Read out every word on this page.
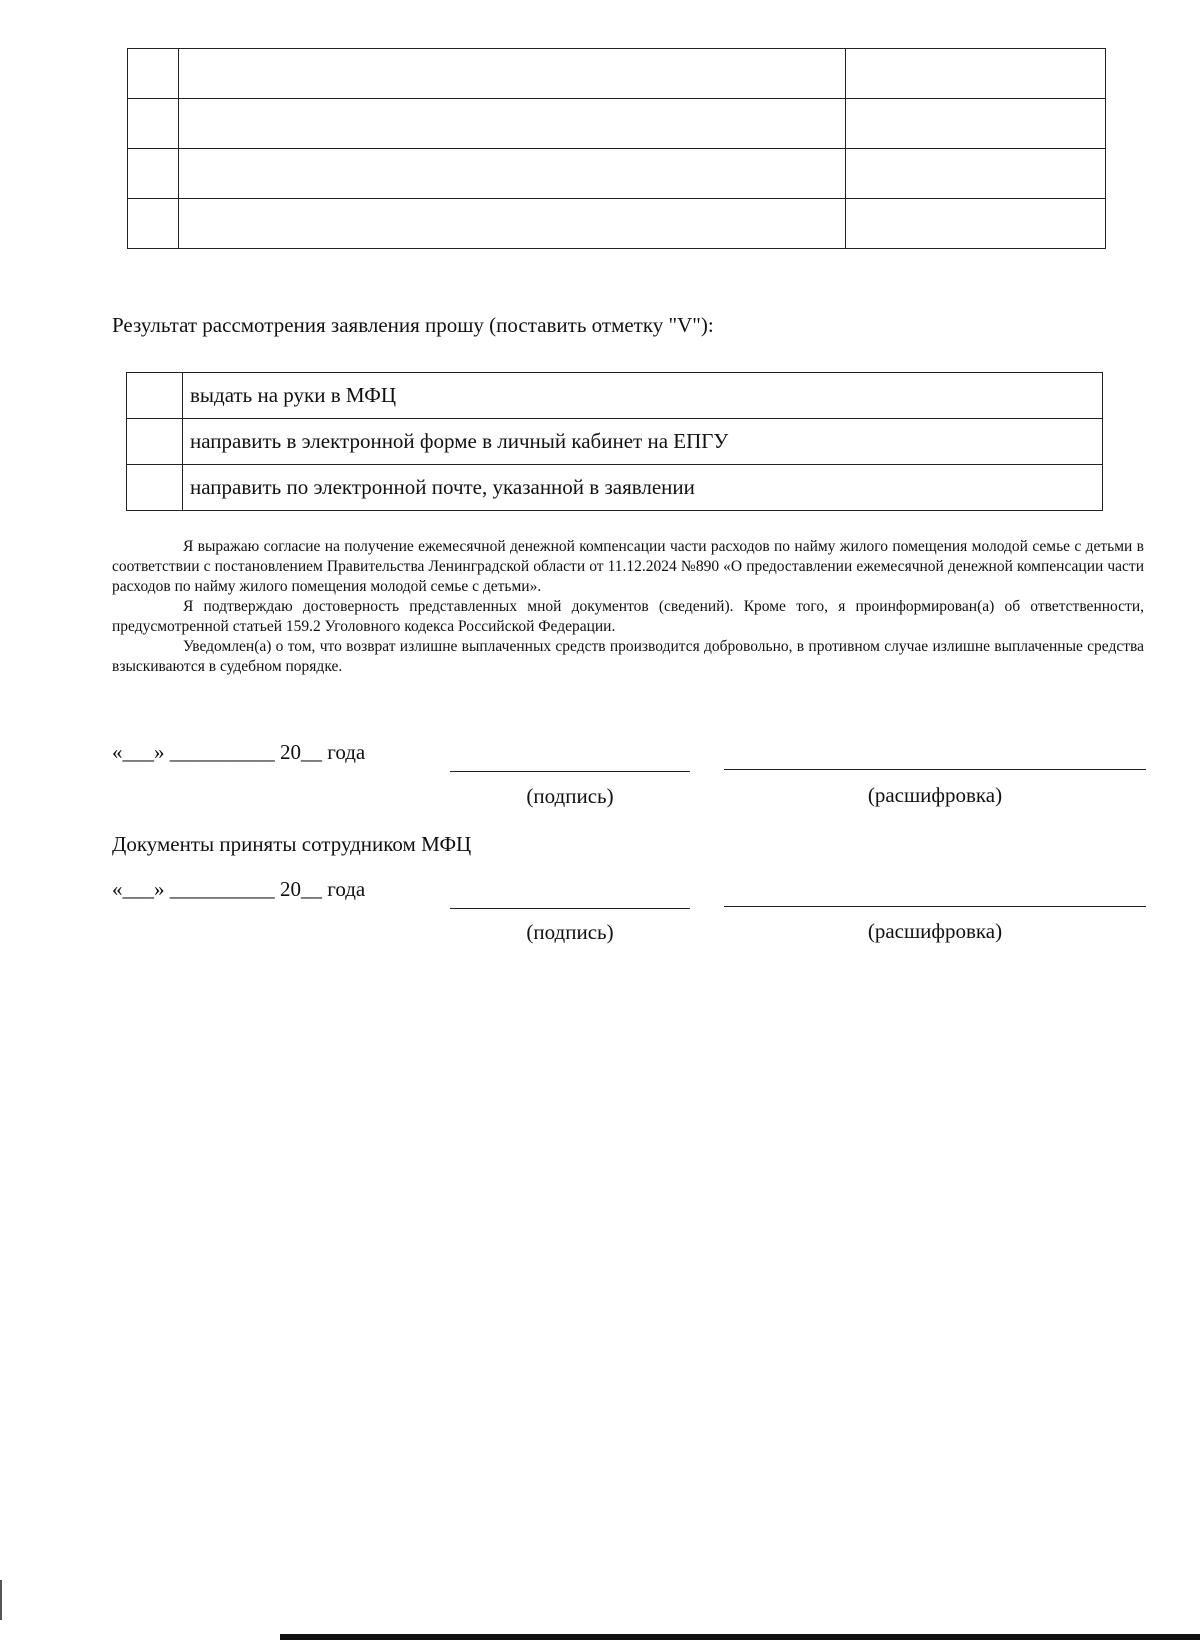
Результат рассмотрения заявления прошу (поставить отметку "V"):
	выдать на руки в МФЦ
	направить в электронной форме в личный кабинет на ЕПГУ
	направить по электронной почте, указанной в заявлении

Я выражаю согласие на получение ежемесячной денежной компенсации части расходов по найму жилого помещения молодой семье с детьми в соответствии с постановлением Правительства Ленинградской области от 11.12.2024 №890 «О предоставлении ежемесячной денежной компенсации части расходов по найму жилого помещения молодой семье с детьми».

Я подтверждаю достоверность представленных мной документов (сведений). Кроме того, я проинформирован(а) об ответственности, предусмотренной статьей 159.2 Уголовного кодекса Российской Федерации.

Уведомлен(а) о том, что возврат излишне выплаченных средств производится добровольно, в противном случае излишне выплаченные средства взыскиваются в судебном порядке.

«___» __________ 20__ года
(подпись)	(расшифровка)
Документы приняты сотрудником МФЦ
«___» __________ 20__ года
(подпись)	(расшифровка)
